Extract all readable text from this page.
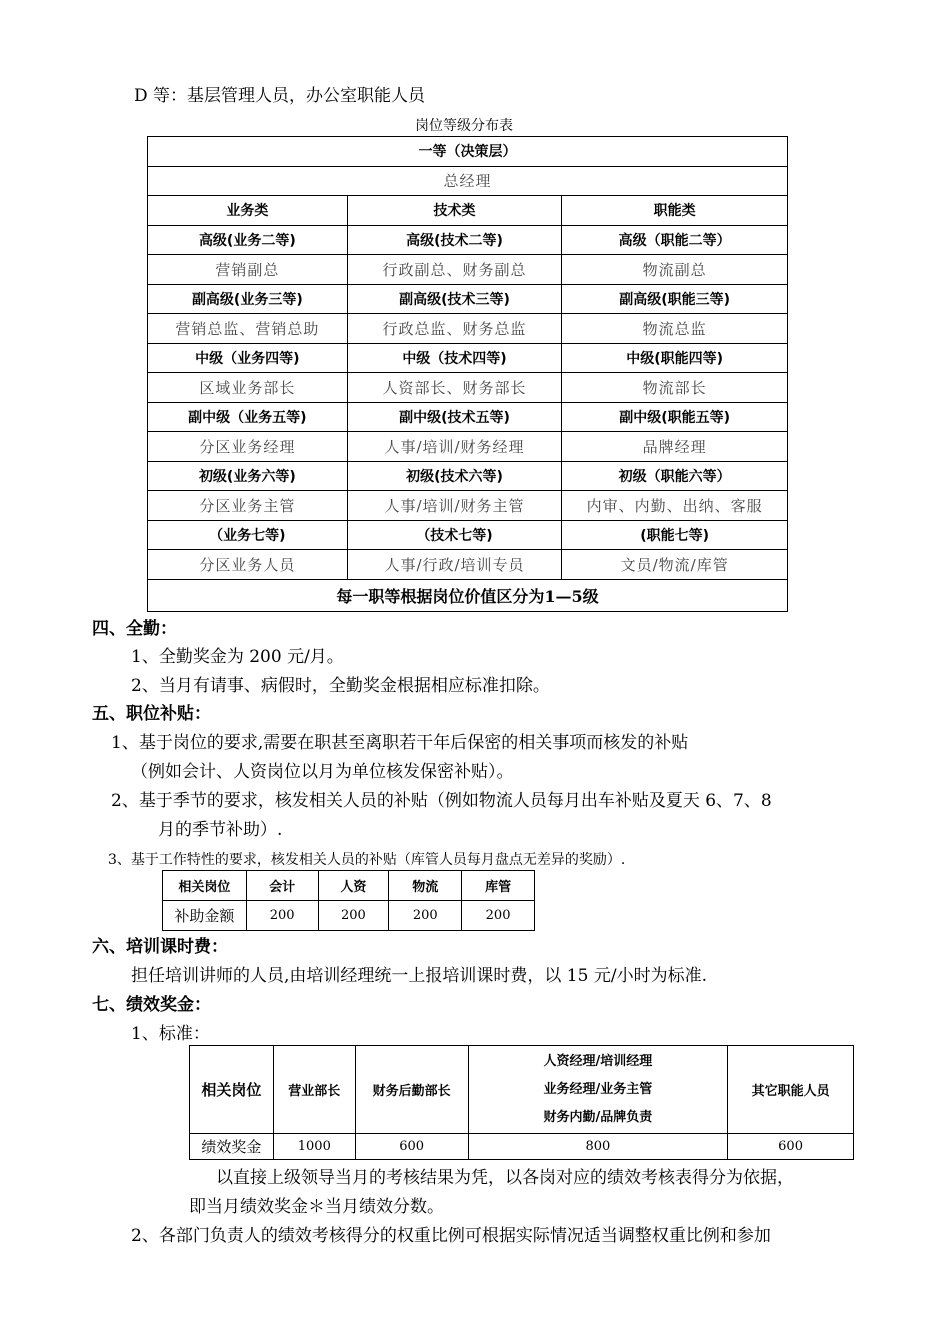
D 等：基层管理人员，办公室职能人员
岗位等级分布表
一等（决策层）		
总经理		
业务类	技术类	职能类
高级(业务二等)	高级(技术二等)	高级（职能二等）
营销副总	行政副总、财务副总	物流副总
副高级(业务三等)	副高级(技术三等)	副高级(职能三等)
营销总监、营销总助	行政总监、财务总监	物流总监
中级（业务四等)	中级（技术四等)	中级(职能四等)
区域业务部长	人资部长、财务部长	物流部长
副中级（业务五等)	副中级(技术五等)	副中级(职能五等)
分区业务经理	人事/培训/财务经理	品牌经理
初级(业务六等)	初级(技术六等)	初级（职能六等）
分区业务主管	人事/培训/财务主管	内审、内勤、出纳、客服
（业务七等)	（技术七等)	(职能七等)
分区业务人员	人事/行政/培训专员	文员/物流/库管
每一职等根据岗位价值区分为1—5级		
四、全勤：
1、全勤奖金为 200 元/月。
2、当月有请事、病假时，全勤奖金根据相应标准扣除。
五、职位补贴：
1、基于岗位的要求,需要在职甚至离职若干年后保密的相关事项而核发的补贴
（例如会计、人资岗位以月为单位核发保密补贴）。
2、基于季节的要求，核发相关人员的补贴（例如物流人员每月出车补贴及夏天 6、7、8
月的季节补助）.
3、基于工作特性的要求，核发相关人员的补贴（库管人员每月盘点无差异的奖励）.
相关岗位	会计	人资	物流	库管
补助金额	200	200	200	200
六、培训课时费：
担任培训讲师的人员,由培训经理统一上报培训课时费，以 15 元/小时为标准.
七、绩效奖金：
1、标准：
相关岗位	营业部长	财务后勤部长	人资经理/培训经理
业务经理/业务主管
财务内勤/品牌负责	其它职能人员
绩效奖金	1000	600	800	600
以直接上级领导当月的考核结果为凭，以各岗对应的绩效考核表得分为依据，
即当月绩效奖金＊当月绩效分数。
2、各部门负责人的绩效考核得分的权重比例可根据实际情况适当调整权重比例和参加
